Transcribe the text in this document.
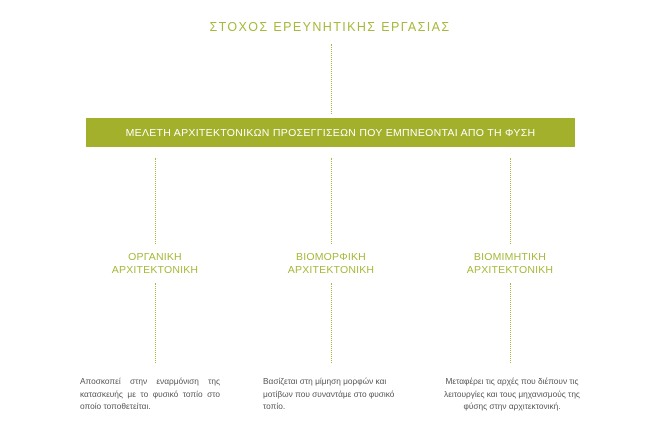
ΣΤΟΧΟΣ ΕΡΕΥΝΗΤΙΚΗΣ ΕΡΓΑΣΙΑΣ
ΜΕΛΕΤΗ ΑΡΧΙΤΕΚΤΟΝΙΚΩΝ ΠΡΟΣΕΓΓΙΣΕΩΝ ΠΟΥ ΕΜΠΝΕΟΝΤΑΙ ΑΠΟ ΤΗ ΦΥΣΗ
ΟΡΓΑΝΙΚΗ
ΑΡΧΙΤΕΚΤΟΝΙΚΗ
ΒΙΟΜΟΡΦΙΚΗ
ΑΡΧΙΤΕΚΤΟΝΙΚΗ
ΒΙΟΜΙΜΗΤΙΚΗ
ΑΡΧΙΤΕΚΤΟΝΙΚΗ
Αποσκοπεί στην εναρμόνιση της κατασκευής με το φυσικό τοπίο στο οποίο τοποθετείται.
Βασίζεται στη μίμηση μορφών και μοτίβων που συναντάμε στο φυσικό τοπίο.
Μεταφέρει τις αρχές που διέπουν τις λειτουργίες και τους μηχανισμούς της φύσης στην αρχιτεκτονική.
